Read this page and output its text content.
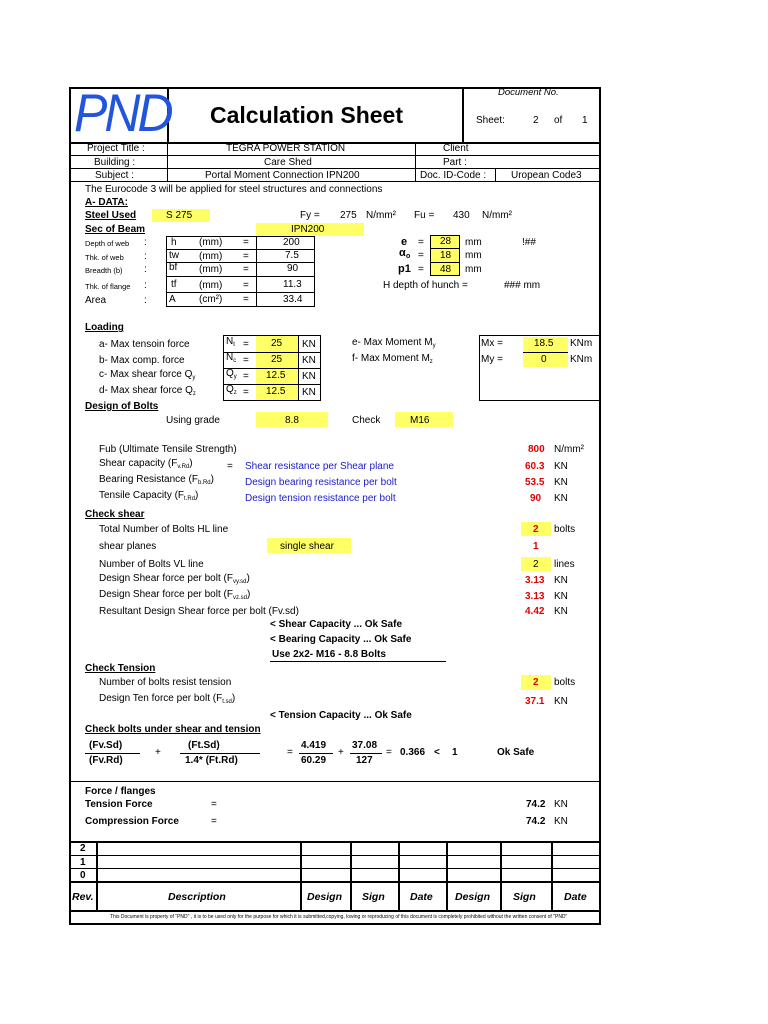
PND Calculation Sheet
Document No.
Sheet:	2 of 1
Project Title :	TEGRA POWER STATION	Client
Building :	Care Shed	Part :
Subject :	Portal Moment Connection IPN200	Doc. ID-Code : Uropean Code3
The Eurocode 3 will be applied for steel structures and connections
A- DATA:
Steel Used	S 275	Fy = 275 N/mm² Fu = 430 N/mm²
Sec of Beam	IPN200
Depth of web : h (mm) =	200
Thk. of web : tw (mm) =	7.5
Breadth (b) : bf (mm) =	90
Thk. of flange : tf (mm) =	11.3
Area	: A (cm²) =	33.4
e = 28 mm	!##
α o = 18 mm
p1 = 48 mm
H depth of hunch =	### mm
Loading
a- Max tensoin force	$N_t = 25$ KN
b- Max comp. force	$N_c = 25$ KN
c- Max shear force $Q_y$	$Q_y = 12.5$ KN
d- Max shear force $Q_z$	$Q_z = 12.5$ KN
e- Max Moment $M_y$
f- Max Moment $M_z$
Mx =	18.5 KNm
My =	0 KNm
Design of Bolts
Using grade	8.8	Check	M16
Fub (Ultimate Tensile Strength)	800 N/mm²
Shear capacity $(F_{v.Rd})$	= Shear resistance per Shear plane	60.3 KN
Bearing Resistance $(F_{b.Rd})$	Design bearing resistance per bolt	53.5 KN
Tensile Capacity $(F_{t.Rd})$	Design tension resistance per bolt	90 KN
Check shear
Total Number of Bolts HL line	2 bolts
shear planes	single shear	1
Number of Bolts VL line	2 lines
Design Shear force per bolt $(F_{vy.sd})$	3.13 KN
Design Shear force per bolt $(F_{vz.sd})$	3.13 KN
Resultant Design Shear force per bolt (Fv.sd)	4.42 KN
< Shear Capacity ... Ok Safe
< Bearing Capacity ... Ok Safe
Use 2x2- M16 - 8.8 Bolts
Check Tension
Number of bolts resist tension	2 bolts
Design Ten force per bolt $(F_{t.sd})$	37.1 KN
< Tension Capacity ... Ok Safe
Check bolts under shear and tension
(Fv.Sd)
(Fv.Rd)
+
(Ft.Sd)
1.4* (Ft.Rd)
=
4.419
60.29
+
37.08
127
= 0.366 < 1	Ok Safe
Force / flanges
Tension Force	=	74.2 KN
Compression Force	=	74.2 KN
2
1
0
Rev.	Description	Design Sign Date Design Sign	Date
This Document is property of "PND" , it is to be used only for the purpose for which it is submitted,copying, lowing or reproducing of this document is completely prohibited without the written consent of "PND"
